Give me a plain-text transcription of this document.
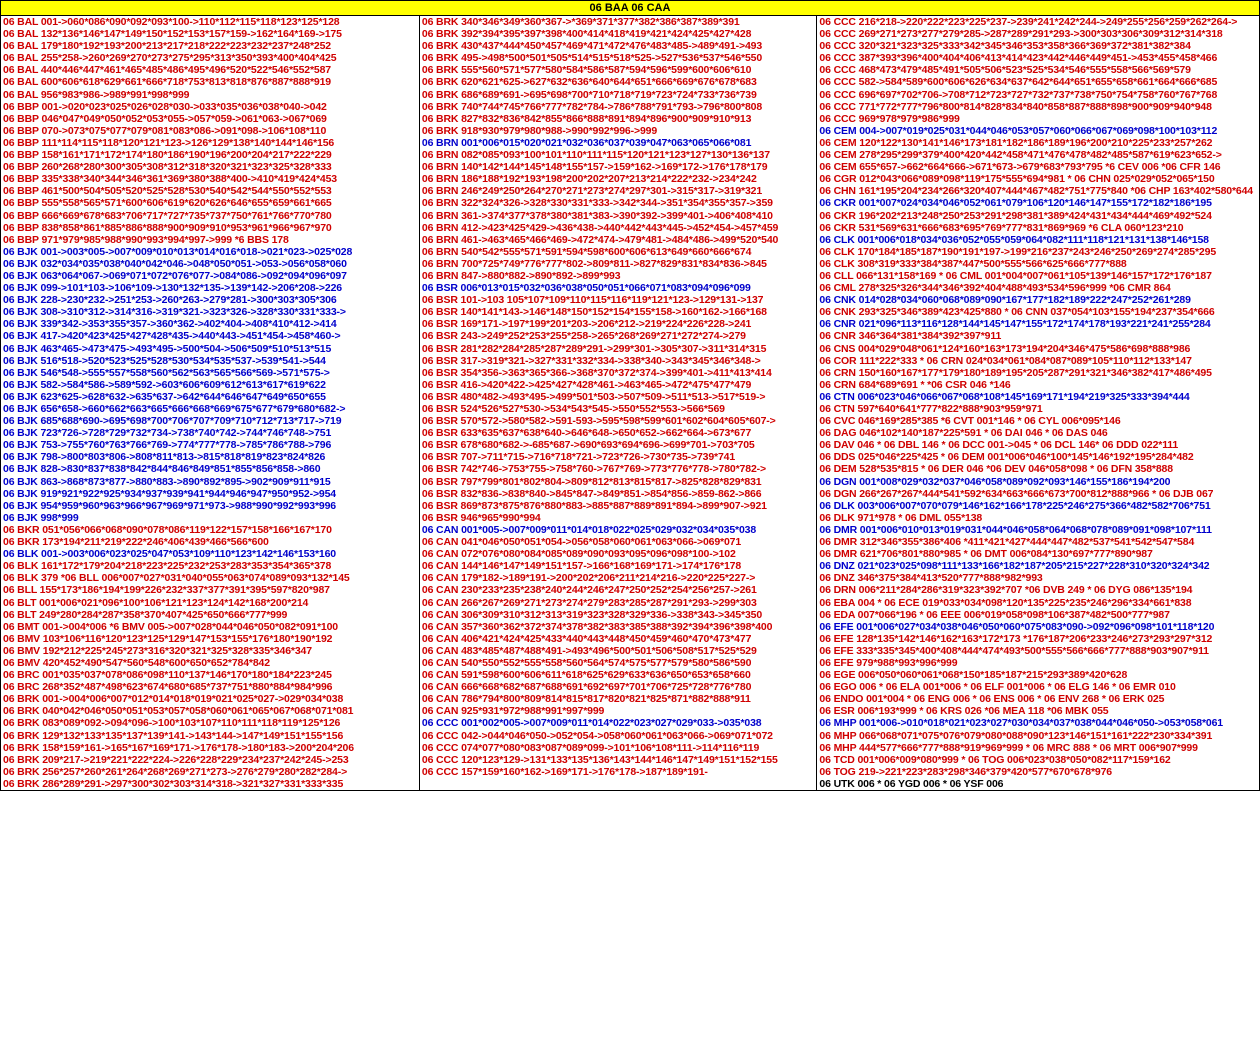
06 BAA 06 CAA
06 BAL 001->060*086*090*092*093*100->110*112*115*118*123*125*128
06 BAL 132*136*146*147*149*150*152*153*157*159->162*164*169->175
06 BAL 179*180*192*193*200*213*217*218*222*223*232*237*248*252
06 BAL 255*258->260*269*270*273*275*295*313*350*393*400*404*425
06 BAL 440*446*447*461*465*485*486*495*496*520*522*546*552*587
06 BAL 600*606*618*629*661*666*718*753*813*818*876*887*888*919
06 BAL 956*983*986->989*991*998*999
06 BBP 001->020*023*025*026*028*030->033*035*036*038*040->042
06 BBP 046*047*049*050*052*053*055->057*059->061*063->067*069
06 BBP 070->073*075*077*079*081*083*086->091*098->106*108*110
06 BBP 111*114*115*118*120*121*123->126*129*138*140*144*146*156
06 BBP 158*161*171*172*174*180*186*190*196*200*204*217*222*229
06 BBP 260*268*280*300*305*308*312*318*320*321*323*325*328*333
06 BBP 335*338*340*344*346*361*369*380*388*400->410*419*424*453
06 BBP 461*500*504*505*520*525*528*530*540*542*544*550*552*553
06 BBP 555*558*565*571*600*606*619*620*626*646*655*659*661*665
06 BBP 666*669*678*683*706*717*727*735*737*750*761*766*770*780
06 BBP 838*858*861*885*886*888*900*909*910*953*961*966*967*970
06 BBP 971*979*985*988*990*993*994*997->999 *6 BBS 178
06 BJK 001->003*005->007*009*010*013*014*016*018->021*023->025*028
06 BJK 032*034*035*038*040*042*046->048*050*051->053->056*058*060
06 BJK 063*064*067->069*071*072*076*077->084*086->092*094*096*097
06 BJK 099->101*103->106*109->130*132*135->139*142->206*208->226
06 BJK 228->230*232->251*253->260*263->279*281->300*303*305*306
06 BJK 308->310*312->314*316->319*321->323*326->328*330*331*333->
06 BJK 339*342->353*355*357->360*362->402*404->408*410*412->414
06 BJK 417->420*423*425*427*428*435->440*443->451*454->458*460->
06 BJK 463*465->473*475->493*495->500*504->506*509*510*513*515
06 BJK 516*518->520*523*525*528*530*534*535*537->539*541->544
06 BJK 546*548->555*557*558*560*562*563*565*566*569->571*575->
06 BJK 582->584*586->589*592->603*606*609*612*613*617*619*622
06 BJK 623*625->628*632->635*637->642*644*646*647*649*650*655
06 BJK 656*658->660*662*663*665*666*668*669*675*677*679*680*682->
06 BJK 685*688*690->695*698*700*706*707*709*710*712*713*717->719
06 BJK 723*726->728*729*732*734->738*740*742->744*746*748->751
06 BJK 753->755*760*763*766*769->774*777*778->785*786*788->796
06 BJK 798->800*803*806->808*811*813->815*818*819*823*824*826
06 BJK 828->830*837*838*842*844*846*849*851*855*856*858->860
06 BJK 863->868*873*877->880*883->890*892*895->902*909*911*915
06 BJK 919*921*922*925*934*937*939*941*944*946*947*950*952->954
06 BJK 954*959*960*963*966*967*969*971*973->988*990*992*993*996
06 BJK 998*999
06 BKR 051*056*066*068*090*078*086*119*122*157*158*166*167*170
06 BKR 173*194*211*219*222*246*406*439*466*566*600
06 BLK 001->003*006*023*025*047*053*109*110*123*142*146*153*160
06 BLK 161*172*179*204*218*223*225*232*253*283*353*354*365*378
06 BLK 379 *06 BLL 006*007*027*031*040*055*063*074*089*093*132*145
06 BLL 155*173*186*194*199*226*232*337*377*391*395*597*820*987
06 BLT 001*006*021*096*100*106*121*123*124*142*168*200*214
06 BLT 249*280*284*287*358*370*407*425*650*666*777*999
06 BMT 001->004*006 *6 BMV 005->007*028*044*046*050*082*091*100
06 BMV 103*106*116*120*123*125*129*147*153*155*176*180*190*192
06 BMV 192*212*225*245*273*316*320*321*325*328*335*346*347
06 BMV 420*452*490*547*560*548*600*650*652*784*842
06 BRC 001*035*037*078*086*098*110*137*146*170*180*184*223*245
06 BRC 268*352*487*498*623*674*680*685*737*751*880*884*984*996
06 BRK 001->004*006*007*012*014*018*019*021*025*027->029*034*038
06 BRK 040*042*046*050*051*053*057*058*060*061*065*067*068*071*081
06 BRK 083*089*092->094*096->100*103*107*110*111*118*119*125*126
06 BRK 129*132*133*135*137*139*141->143*144->147*149*151*155*156
06 BRK 158*159*161->165*167*169*171->176*178->180*183->200*204*206
06 BRK 209*217->219*221*222*224->226*228*229*234*237*242*245->253
06 BRK 256*257*260*261*264*268*269*271*273->276*279*280*282*284->
06 BRK 286*289*291->297*300*302*303*314*318->321*327*331*333*335
06 BRK 340*346*349*360*367->*369*371*377*382*386*387*389*391
06 BRK 392*394*395*397*398*400*414*418*419*421*424*425*427*428
06 BRK 430*437*444*450*457*469*471*472*476*483*485->489*491->493
06 BRK 495->498*500*501*505*514*515*518*525->527*536*537*546*550
06 BRK 555*560*571*577*580*584*586*587*594*596*599*600*606*610
06 BRK 620*621*625->627*632*636*640*644*651*666*669*676*678*683
06 BRK 686*689*691->695*698*700*710*718*719*723*724*733*736*739
06 BRK 740*744*745*766*777*782*784->786*788*791*793->796*800*808
06 BRK 827*832*836*842*855*866*888*891*894*896*900*909*910*913
06 BRK 918*930*979*980*988->990*992*996->999
06 BRN 001*006*015*020*021*032*036*037*039*047*063*065*066*081
06 BRN 082*085*093*100*101*110*111*115*120*121*123*127*130*136*137
06 BRN 140*142*144*145*148*155*157->159*162->169*172->176*178*179
06 BRN 186*188*192*193*198*200*202*207*213*214*222*232->234*242
06 BRN 246*249*250*264*270*271*273*274*297*301->315*317->319*321
06 BRN 322*324*326->328*330*331*333->342*344->351*354*355*357->359
06 BRN 361->374*377*378*380*381*383->390*392->399*401->406*408*410
06 BRN 412->423*425*429->436*438->440*442*443*445->452*454->457*459
06 BRN 461->463*465*466*469->472*474->479*481->484*486->499*520*540
06 BRN 540*542*555*571*591*594*598*600*606*613*649*660*666*674
06 BRN 700*725*749*776*777*802->809*811->827*829*831*834*836->845
06 BRN 847->880*882->890*892->899*993
06 BSR 006*013*015*032*036*038*050*051*066*071*083*094*096*099
06 BSR 101->103 105*107*109*110*115*116*119*121*123->129*131->137
06 BSR 140*141*143->146*148*150*152*154*155*158->160*162->166*168
06 BSR 169*171->197*199*201*203->206*212->219*224*226*228->241
06 BSR 243->249*252*253*255*258->265*268*269*271*272*274->279
06 BSR 281*282*284*285*287*289*291->299*301->305*307->311*314*315
06 BSR 317->319*321->327*331*332*334->338*340->343*345*346*348->
06 BSR 354*356->363*365*366->368*370*372*374->399*401->411*413*414
06 BSR 416->420*422->425*427*428*461->463*465->472*475*477*479
06 BSR 480*482->493*495->499*501*503->507*509->511*513->517*519->
06 BSR 524*526*527*530->534*543*545->550*552*553->566*569
06 BSR 570*572->580*582->591-593->595*598*599*601*602*604*605*607->
06 BSR 633*635*637*638*640->646*648->650*652->662*664->673*677
06 BSR 678*680*682->-685*687->690*693*694*696->699*701->703*705
06 BSR 707->711*715->716*718*721->723*726->730*735->739*741
06 BSR 742*746->753*755->758*760->767*769->773*776*778->780*782->
06 BSR 797*799*801*802*804->809*812*813*815*817->825*828*829*831
06 BSR 832*836->838*840->845*847->849*851->854*856->859-862->866
06 BSR 869*873*875*876*880*883->885*887*889*891*894->899*907->921
06 BSR 946*965*990*994
06 CAN 001*005->007*009*011*014*018*022*025*029*032*034*035*038
06 CAN 041*046*050*051*054->056*058*060*061*063*066->069*071
06 CAN 072*076*080*084*085*089*090*093*095*096*098*100->102
06 CAN 144*146*147*149*151*157->166*168*169*171->174*176*178
06 CAN 179*182->189*191->200*202*206*211*214*216->220*225*227->
06 CAN 230*233*235*238*240*244*246*247*250*252*254*256*257->261
06 CAN 266*267*269*271*273*274*279*283*285*287*291*293->299*303
06 CAN 306*309*310*312*313*319*323*328*329*336->338*343->345*350
06 CAN 357*360*362*372*374*378*382*383*385*388*392*394*396*398*400
06 CAN 406*421*424*425*433*440*443*448*450*459*460*470*473*477
06 CAN 483*485*487*488*491->493*496*500*501*506*508*517*525*529
06 CAN 540*550*552*555*558*560*564*574*575*577*579*580*586*590
06 CAN 591*598*600*606*611*618*625*629*633*636*650*653*658*660
06 CAN 666*668*682*687*688*691*692*697*701*706*725*728*776*780
06 CAN 786*794*800*809*814*815*817*820*821*825*871*882*888*911
06 CAN 925*931*972*988*991*997*999
06 CCC 001*002*005->007*009*011*014*022*023*027*029*033->035*038
06 CCC 042->044*046*050->052*054->058*060*061*063*066->069*071*072
06 CCC 074*077*080*083*087*089*099->101*106*108*111->114*116*119
06 CCC 120*123*129->131*133*135*136*143*144*146*147*149*151*152*155
06 CCC 157*159*160*162->169*171->176*178->187*189*191-
06 CCC 216*218->220*222*223*225*237->239*241*242*244->249*255*256*259*262*264->
06 CCC 269*271*273*277*279*285->287*289*291*293->300*303*306*309*312*314*318
06 CCC 320*321*323*325*333*342*345*346*353*358*366*369*372*381*382*384
06 CCC 387*393*396*400*404*406*413*414*423*442*446*449*451->453*455*458*466
06 CCC 468*473*479*485*491*505*506*523*525*534*546*555*558*566*569*579
06 CCC 582->584*589*600*606*626*634*637*642*644*651*655*658*661*664*666*685
06 CCC 696*697*702*706->708*712*723*727*732*737*738*750*754*758*760*767*768
06 CCC 771*772*777*796*800*814*828*834*840*858*887*888*898*900*909*940*948
06 CCC 969*978*979*986*999
06 CEM 004->007*019*025*031*044*046*053*057*060*066*067*069*098*100*103*112
06 CEM 120*122*130*141*146*173*181*182*186*189*196*200*210*225*233*257*262
06 CEM 278*295*299*379*400*420*442*458*471*476*478*482*485*587*619*623*652->
06 CEM 655*657->662*664*666->671*673->679*683*793*795 *6 CEV 006 *06 CFR 146
06 CGR 012*043*066*089*098*119*175*555*694*981 * 06 CHN 025*029*052*065*150
06 CHN 161*195*204*234*266*320*407*444*467*482*751*775*840 *06 CHP 163*402*580*644
06 CKR 001*007*024*034*046*052*061*079*106*120*146*147*155*172*182*186*195
06 CKR 196*202*213*248*250*253*291*298*381*389*424*431*434*444*469*492*524
06 CKR 531*569*631*666*683*695*769*777*831*869*969 *6 CLA 060*123*210
06 CLK 001*006*018*034*036*052*055*059*064*082*111*118*121*131*138*146*158
06 CLK 170*184*185*187*190*191*197->199*216*237*243*246*250*269*274*285*295
06 CLK 308*319*333*384*387*447*500*555*566*625*666*777*888
06 CLL 066*131*158*169 * 06 CML 001*004*007*061*105*139*146*157*172*176*187
06 CML 278*325*326*344*346*392*404*488*493*534*596*999 *06 CMR 864
06 CNK 014*028*034*060*068*089*090*167*177*182*189*222*247*252*261*289
06 CNK 293*325*346*389*423*425*880 * 06 CNN 037*054*103*155*194*237*354*666
06 CNR 021*096*113*116*128*144*145*147*155*172*174*178*193*221*241*255*284
06 CNR 346*364*381*384*392*397*911
06 CNS 004*029*048*061*124*160*163*173*194*204*346*475*586*698*888*986
06 COR 111*222*333 * 06 CRN 024*034*061*084*087*089*105*110*112*133*147
06 CRN 150*160*167*177*179*180*189*195*205*287*291*321*346*382*417*486*495
06 CRN 684*689*691 * *06 CSR 046 *146
06 CTN 006*023*046*066*067*068*108*145*169*171*194*219*325*333*394*444
06 CTN 597*640*641*777*822*888*903*959*971
06 CVC 046*169*285*385 *6 CVT 001*146 * 06 CYL 006*095*146
06 DAG 046*102*140*187*225*591 * 06 DAI 046 * 06 DAS 046
06 DAV 046 * 06 DBL 146 * 06 DCC 001->045 * 06 DCL 146* 06 DDD 022*111
06 DDS 025*046*225*425 * 06 DEM 001*006*046*100*145*146*192*195*284*482
06 DEM 528*535*815 * 06 DER 046 *06 DEV 046*058*098 * 06 DFN 358*888
06 DGN 001*008*029*032*037*046*058*089*092*093*146*155*186*194*200
06 DGN 266*267*267*444*541*592*634*663*666*673*700*812*888*966 * 06 DJB 067
06 DLK 003*006*007*070*079*146*162*166*178*225*246*275*366*482*582*706*751
06 DLK 971*978 * 06 DML 055*138
06 DMR 001*006*010*013*019*031*044*046*058*064*068*078*089*091*098*107*111
06 DMR 312*346*355*386*406 *411*421*427*444*447*482*537*541*542*547*584
06 DMR 621*706*801*880*985 * 06 DMT 006*084*130*697*777*890*987
06 DNZ 021*023*025*098*111*133*166*182*187*205*215*227*228*310*320*324*342
06 DNZ 346*375*384*413*520*777*888*982*993
06 DRN 006*211*284*286*319*323*392*707 *06 DVB 249 * 06 DYG 086*135*194
06 EBA 004 * 06 ECE 019*033*034*098*120*135*225*235*246*296*334*661*838
06 EDA 007*066*196 * 06 EEE 006*019*058*098*106*387*482*500*777*987
06 EFE 001*006*027*034*038*046*050*060*075*083*090->092*096*098*101*118*120
06 EFE 128*135*142*146*162*163*172*173 *176*187*206*233*246*273*293*297*312
06 EFE 333*335*345*400*408*444*474*493*500*555*566*666*777*888*903*907*911
06 EFE 979*988*993*996*999
06 EGE 006*050*060*061*068*150*185*187*215*293*389*420*628
06 EGO 006 * 06 ELA 001*006 * 06 ELF 001*006 * 06 ELG 146 * 06 EMR 010
06 ENDO 001*004 * 06 ENG 006 * 06 ENS 006 * 06 ENV 268 * 06 ERK 025
06 ESR 006*193*999 * 06 KRS 026 *06 MEA 118 *06 MBK 055
06 MHP 001*006->010*018*021*023*027*030*034*037*038*044*046*050->053*058*061
06 MHP 066*068*071*075*076*079*080*088*090*123*146*151*161*222*230*334*391
06 MHP 444*577*666*777*888*919*969*999 * 06 MRC 888 * 06 MRT 006*907*999
06 TCD 001*006*009*080*999 * 06 TOG 006*023*038*050*082*117*159*162
06 TOG 219->221*223*283*298*346*379*420*577*670*678*976
06 UTK 006 * 06 YGD 006 * 06 YSF 006
